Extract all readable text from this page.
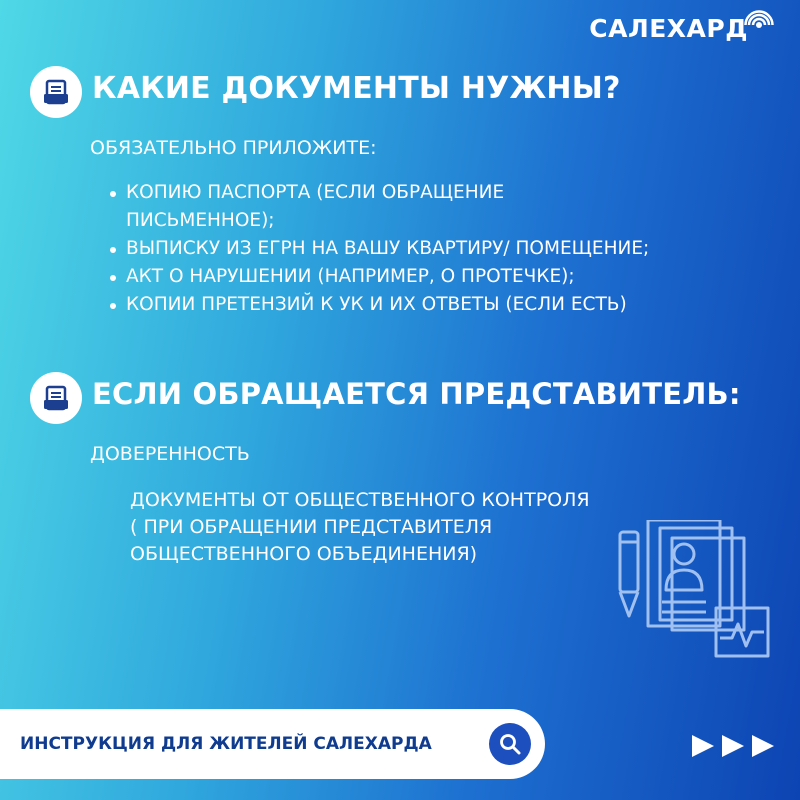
САЛЕХАРД
КАКИЕ ДОКУМЕНТЫ НУЖНЫ?
ОБЯЗАТЕЛЬНО ПРИЛОЖИТЕ:
КОПИЮ ПАСПОРТА (ЕСЛИ ОБРАЩЕНИЕ ПИСЬМЕННОЕ);
ВЫПИСКУ ИЗ ЕГРН НА ВАШУ КВАРТИРУ/ ПОМЕЩЕНИЕ;
АКТ О НАРУШЕНИИ (НАПРИМЕР, О ПРОТЕЧКЕ);
КОПИИ ПРЕТЕНЗИЙ К УК И ИХ ОТВЕТЫ (ЕСЛИ ЕСТЬ)
ЕСЛИ ОБРАЩАЕТСЯ ПРЕДСТАВИТЕЛЬ:
ДОВЕРЕННОСТЬ
ДОКУМЕНТЫ ОТ ОБЩЕСТВЕННОГО КОНТРОЛЯ
( ПРИ ОБРАЩЕНИИ ПРЕДСТАВИТЕЛЯ
ОБЩЕСТВЕННОГО ОБЪЕДИНЕНИЯ)
ИНСТРУКЦИЯ ДЛЯ ЖИТЕЛЕЙ САЛЕХАРДА
